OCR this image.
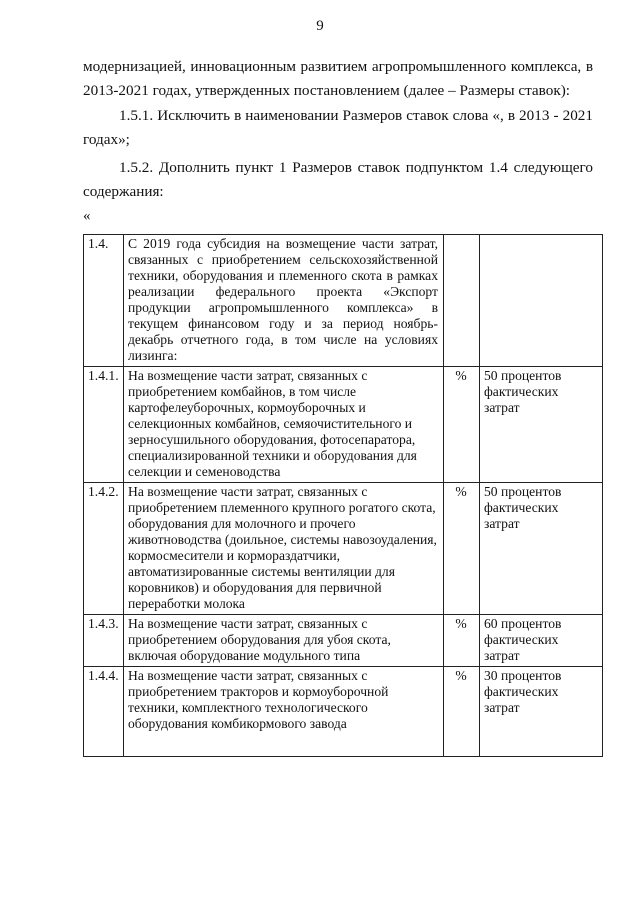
9
модернизацией, инновационным развитием агропромышленного комплекса, в 2013-2021 годах, утвержденных постановлением (далее – Размеры ставок):
1.5.1. Исключить в наименовании Размеров ставок слова «, в 2013 - 2021 годах»;
1.5.2. Дополнить пункт 1 Размеров ставок подпунктом 1.4 следующего содержания:
«
1.4.	С 2019 года субсидия на возмещение части затрат, связанных с приобретением сельскохозяйственной техники, оборудования и племенного скота в рамках реализации федерального проекта «Экспорт продукции агропромышленного комплекса» в текущем финансовом году и за период ноябрь-декабрь отчетного года, в том числе на условиях лизинга:		
1.4.1.	На возмещение части затрат, связанных с приобретением комбайнов, в том числе картофелеуборочных, кормоуборочных и селекционных комбайнов, семяочистительного и зерносушильного оборудования, фотосепаратора, специализированной техники и оборудования для селекции и семеноводства	%	50 процентов фактических затрат
1.4.2.	На возмещение части затрат, связанных с приобретением племенного крупного рогатого скота, оборудования для молочного и прочего животноводства (доильное, системы навозоудаления, кормосмесители и кормораздатчики, автоматизированные системы вентиляции для коровников) и оборудования для первичной переработки молока	%	50 процентов фактических затрат
1.4.3.	На возмещение части затрат, связанных с приобретением оборудования для убоя скота, включая оборудование модульного типа	%	60 процентов фактических затрат
1.4.4.	На возмещение части затрат, связанных с приобретением тракторов и кормоуборочной техники, комплектного технологического оборудования комбикормового завода	%	30 процентов фактических затрат
